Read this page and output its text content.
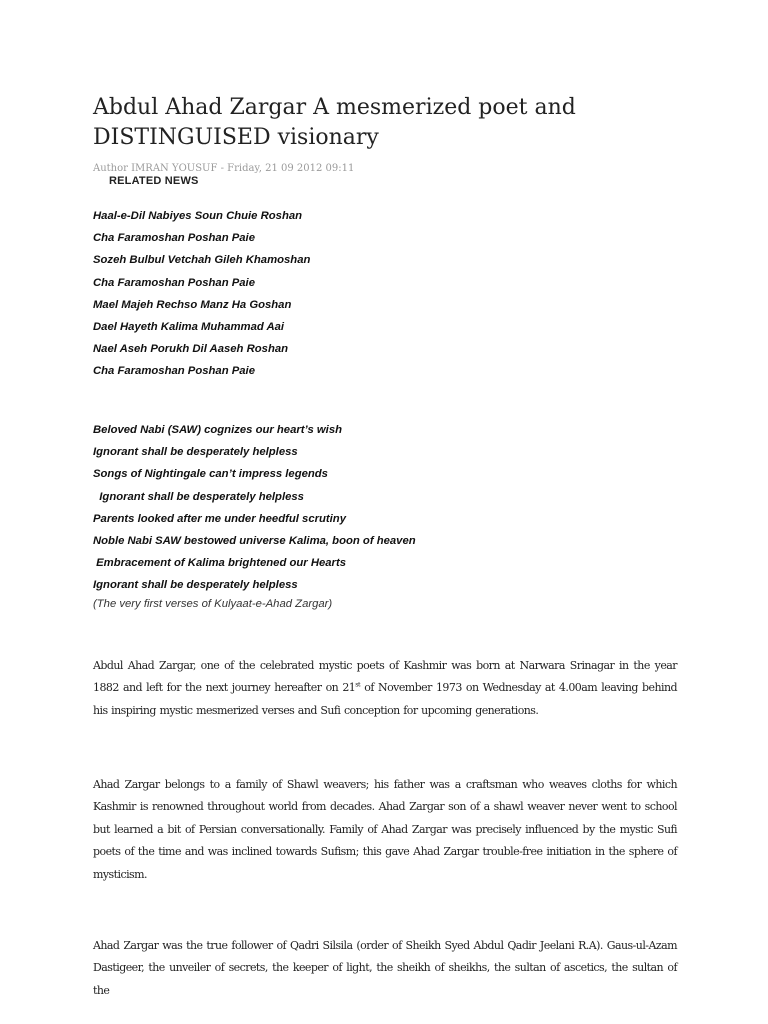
Abdul Ahad Zargar A mesmerized poet and DISTINGUISED visionary
Author IMRAN YOUSUF - Friday, 21 09 2012 09:11
RELATED NEWS
Haal-e-Dil Nabiyes Soun Chuie Roshan
Cha Faramoshan Poshan Paie
Sozeh Bulbul Vetchah Gileh Khamoshan
Cha Faramoshan Poshan Paie
Mael Majeh Rechso Manz Ha Goshan
Dael Hayeth Kalima Muhammad Aai
Nael Aseh Porukh Dil Aaseh Roshan
Cha Faramoshan Poshan Paie
Beloved Nabi (SAW) cognizes our heart’s wish
Ignorant shall be desperately helpless
Songs of Nightingale can’t impress legends
Ignorant shall be desperately helpless
Parents looked after me under heedful scrutiny
Noble Nabi SAW bestowed universe Kalima, boon of heaven
Embracement of Kalima brightened our Hearts
Ignorant shall be desperately helpless
(The very first verses of Kulyaat-e-Ahad Zargar)

Abdul Ahad Zargar, one of the celebrated mystic poets of Kashmir was born at Narwara Srinagar in the year 1882 and left for the next journey hereafter on 21st of November 1973 on Wednesday at 4.00am leaving behind his inspiring mystic mesmerized verses and Sufi conception for upcoming generations.

Ahad Zargar belongs to a family of Shawl weavers; his father was a craftsman who weaves cloths for which Kashmir is renowned throughout world from decades. Ahad Zargar son of a shawl weaver never went to school but learned a bit of Persian conversationally. Family of Ahad Zargar was precisely influenced by the mystic Sufi poets of the time and was inclined towards Sufism; this gave Ahad Zargar trouble-free initiation in the sphere of mysticism.

Ahad Zargar was the true follower of Qadri Silsila (order of Sheikh Syed Abdul Qadir Jeelani R.A). Gaus-ul-Azam Dastigeer, the unveiler of secrets, the keeper of light, the sheikh of sheikhs, the sultan of ascetics, the sultan of the
